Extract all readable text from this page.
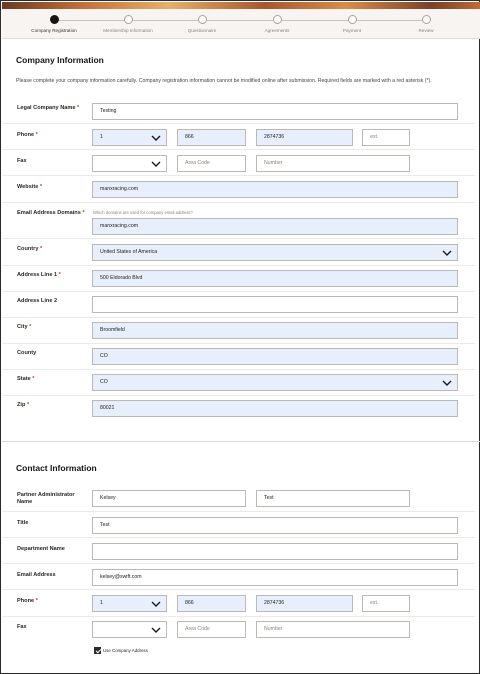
Company Registration	Membership Information	Questionnaire	Agreements	Payment	Review
Company Information
Please complete your company information carefully. Company registration information cannot be modified online after submission. Required fields are marked with a red asterisk (*).
Legal Company Name *	Testing
Phone *	1	866	2874736	ext.
Fax	Area Code	Number
Website *	manxracing.com
Email Address Domains * Which domains are used for company email address?
manxracing.com
Country *	United States of America
Address Line 1 *	500 Eldorado Blvd
Address Line 2
City *	Broomfield
County	CO
State *	CO
Zip *	80021
Contact Information
Partner Administrator Name
Kelsey	Test
Title	Test
Department Name
Email Address	kelsey@swift.com
Phone *	1	866	2874736	ext.
Fax	Area Code	Number
Use Company Address
